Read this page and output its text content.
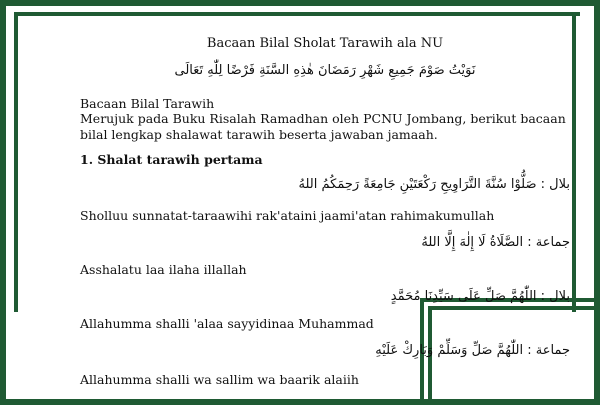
Bacaan Bilal Sholat Tarawih ala NU
نَوَيْتُ صَوْمَ جَمِيعِ شَهْرِ رَمَضَانَ هٰذِهِ السَّنَةِ فَرْضًا لِلّٰهِ تَعَالَى
Bacaan Bilal Tarawih
Merujuk pada Buku Risalah Ramadhan oleh PCNU Jombang, berikut bacaan bilal lengkap shalawat tarawih beserta jawaban jamaah.
1. Shalat tarawih pertama
بلال : صَلُّوْا سُنَّةَ التَّرَاوِيحِ رَكْعَتَيْنِ جَامِعَةً رَحِمَكُمُ اللهُ
Sholluu sunnatat-taraawihi rak'ataini jaami'atan rahimakumullah
جماعة : الصَّلَاةُ لَا إِلٰهَ إِلَّا اللهُ
Asshalatu laa ilaha illallah
بلال : اللّٰهُمَّ صَلِّ عَلَى سَيِّدِنَا مُحَمَّدٍ
Allahumma shalli 'alaa sayyidinaa Muhammad
جماعة : اللّٰهُمَّ صَلِّ وَسَلِّمْ وَبَارِكْ عَلَيْهِ
Allahumma shalli wa sallim wa baarik alaiih
